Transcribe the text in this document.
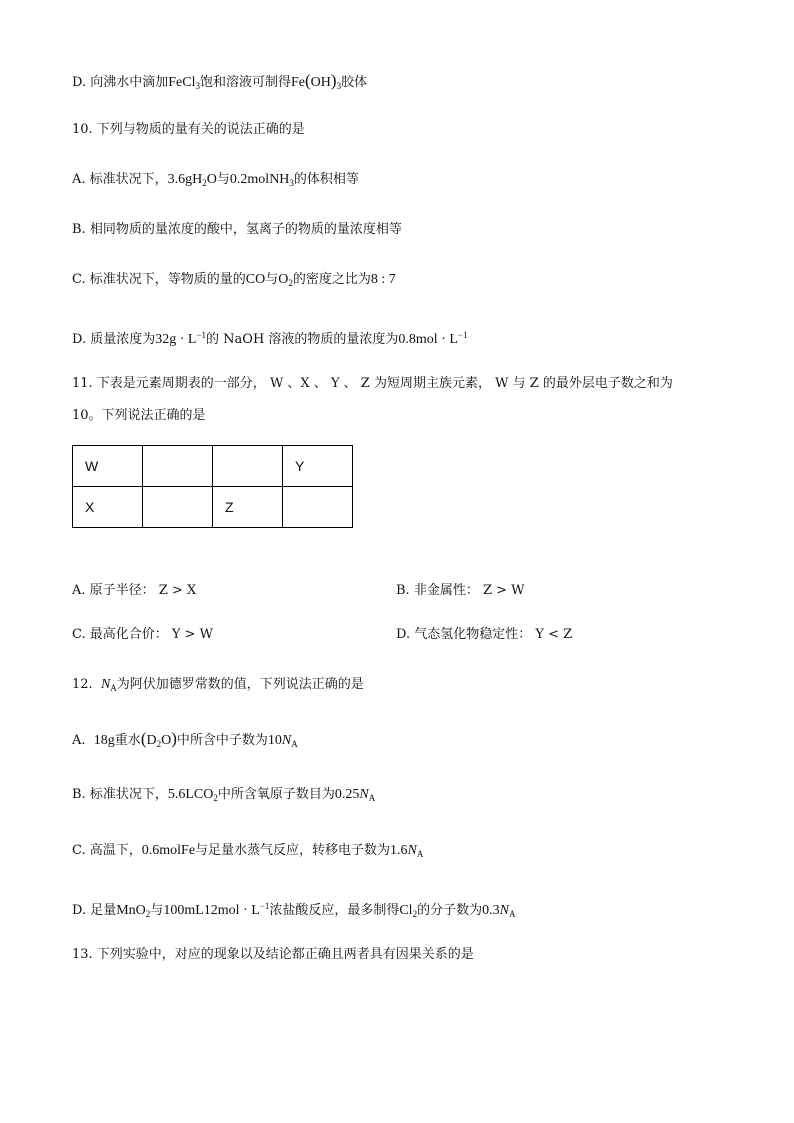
D. 向沸水中滴加FeCl$_3$饱和溶液可制得$Fe(OH)_3$胶体
10. 下列与物质的量有关的说法正确的是
A. 标准状况下，$3.6gH_2O$与0.2molNH$_3$的体积相等
B. 相同物质的量浓度的酸中，氢离子的物质的量浓度相等
C. 标准状况下，等物质的量的CO与$O_2$的密度之比为8 : 7
D. 质量浓度为$32g \cdot L^{-1}$的 NaOH 溶液的物质的量浓度为$0.8mol \cdot L^{-1}$
11. 下表是元素周期表的一部分， W 、X 、 Y 、 Z 为短周期主族元素， W 与 Z 的最外层电子数之和为
10。下列说法正确的是
W			Y
X		Z	
A. 原子半径： Z > X	B. 非金属性： Z > W
C. 最高化合价： Y > W	D. 气态氢化物稳定性： Y < Z
12. $N_A$为阿伏加德罗常数的值，下列说法正确的是
A. 18g重水$(D_2O)$中所含中子数为$10N_A$
B. 标准状况下，$5.6LCO_2$中所含氧原子数目为$0.25N_A$
C. 高温下，0.6molFe与足量水蒸气反应，转移电子数为$1.6N_A$
D. 足量MnO$_2$与$100mL12mol \cdot L^{-1}$浓盐酸反应，最多制得$Cl_2$的分子数为$0.3N_A$
13. 下列实验中，对应的现象以及结论都正确且两者具有因果关系的是
